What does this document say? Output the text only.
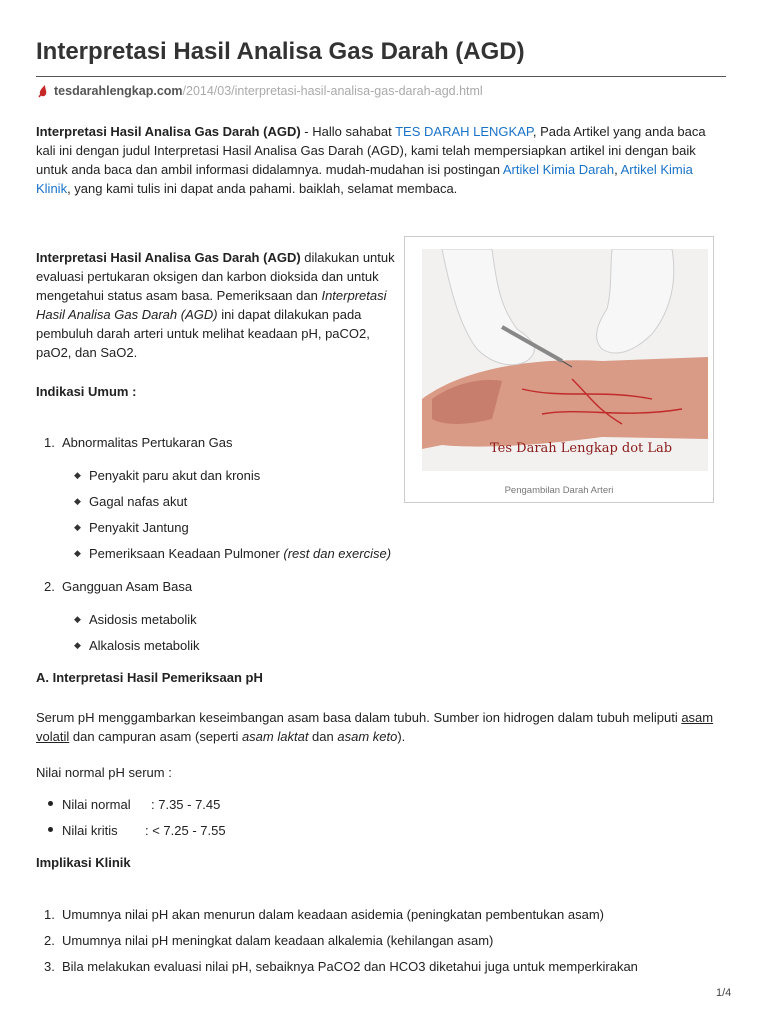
Interpretasi Hasil Analisa Gas Darah (AGD)
tesdarahlengkap.com/2014/03/interpretasi-hasil-analisa-gas-darah-agd.html

Interpretasi Hasil Analisa Gas Darah (AGD) - Hallo sahabat TES DARAH LENGKAP, Pada Artikel yang anda baca kali ini dengan judul Interpretasi Hasil Analisa Gas Darah (AGD), kami telah mempersiapkan artikel ini dengan baik untuk anda baca dan ambil informasi didalamnya. mudah-mudahan isi postingan Artikel Kimia Darah, Artikel Kimia Klinik, yang kami tulis ini dapat anda pahami. baiklah, selamat membaca.

Interpretasi Hasil Analisa Gas Darah (AGD) dilakukan untuk evaluasi pertukaran oksigen dan karbon dioksida dan untuk mengetahui status asam basa. Pemeriksaan dan Interpretasi Hasil Analisa Gas Darah (AGD) ini dapat dilakukan pada pembuluh darah arteri untuk melihat keadaan pH, paCO2, paO2, dan SaO2.

Tes Darah Lengkap dot Lab
Pengambilan Darah Arteri
Indikasi Umum :
1. Abnormalitas Pertukaran Gas
◆ Penyakit paru akut dan kronis
◆ Gagal nafas akut
◆ Penyakit Jantung
◆ Pemeriksaan Keadaan Pulmoner (rest dan exercise)
2. Gangguan Asam Basa
◆ Asidosis metabolik
◆ Alkalosis metabolik
A. Interpretasi Hasil Pemeriksaan pH

Serum pH menggambarkan keseimbangan asam basa dalam tubuh. Sumber ion hidrogen dalam tubuh meliputi asam volatil dan campuran asam (seperti asam laktat dan asam keto).

Nilai normal pH serum :
Nilai normal : 7.35 - 7.45
Nilai kritis : < 7.25 - 7.55
Implikasi Klinik
1. Umumnya nilai pH akan menurun dalam keadaan asidemia (peningkatan pembentukan asam)
2. Umumnya nilai pH meningkat dalam keadaan alkalemia (kehilangan asam)
3. Bila melakukan evaluasi nilai pH, sebaiknya PaCO2 dan HCO3 diketahui juga untuk memperkirakan
1/4
